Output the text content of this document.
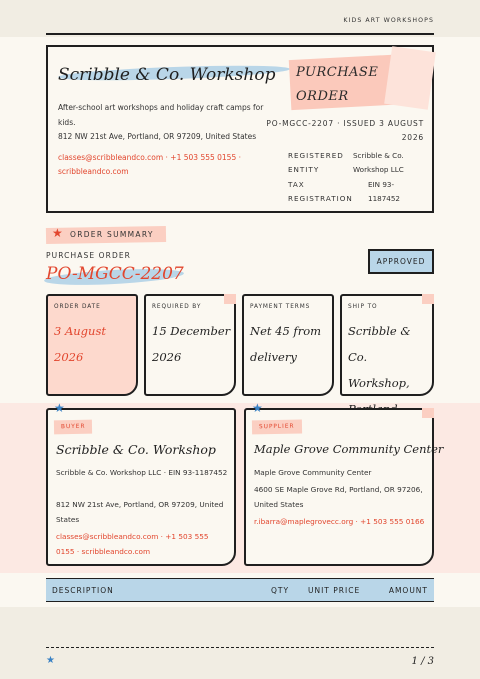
KIDS ART WORKSHOPS
Scribble & Co. Workshop
After-school art workshops and holiday craft camps for kids.
812 NW 21st Ave, Portland, OR 97209, United States
classes@scribbleandco.com · +1 503 555 0155 · scribbleandco.com
PURCHASE ORDER
PO-MGCC-2207 · ISSUED 3 AUGUST 2026
REGISTERED ENTITY
Scribble & Co. Workshop LLC
TAX REGISTRATION
EIN 93-1187452
★ ORDER SUMMARY
PURCHASE ORDER
PO-MGCC-2207
APPROVED
ORDER DATE
3 August 2026
REQUIRED BY
15 December 2026
PAYMENT TERMS
Net 45 from delivery
SHIP TO
Scribble & Co. Workshop,
★
BUYER
Scribble & Co. Workshop
Scribble & Co. Workshop LLC · EIN 93-1187452
812 NW 21st Ave, Portland, OR 97209, United States
classes@scribbleandco.com · +1 503 555 0155 · scribbleandco.com
★
SUPPLIER
Maple Grove Community Center
Maple Grove Community Center
4600 SE Maple Grove Rd, Portland, OR 97206, United States
r.ibarra@maplegrovecc.org · +1 503 555 0166
DESCRIPTION	QTY	UNIT PRICE	AMOUNT
★	1 / 3
